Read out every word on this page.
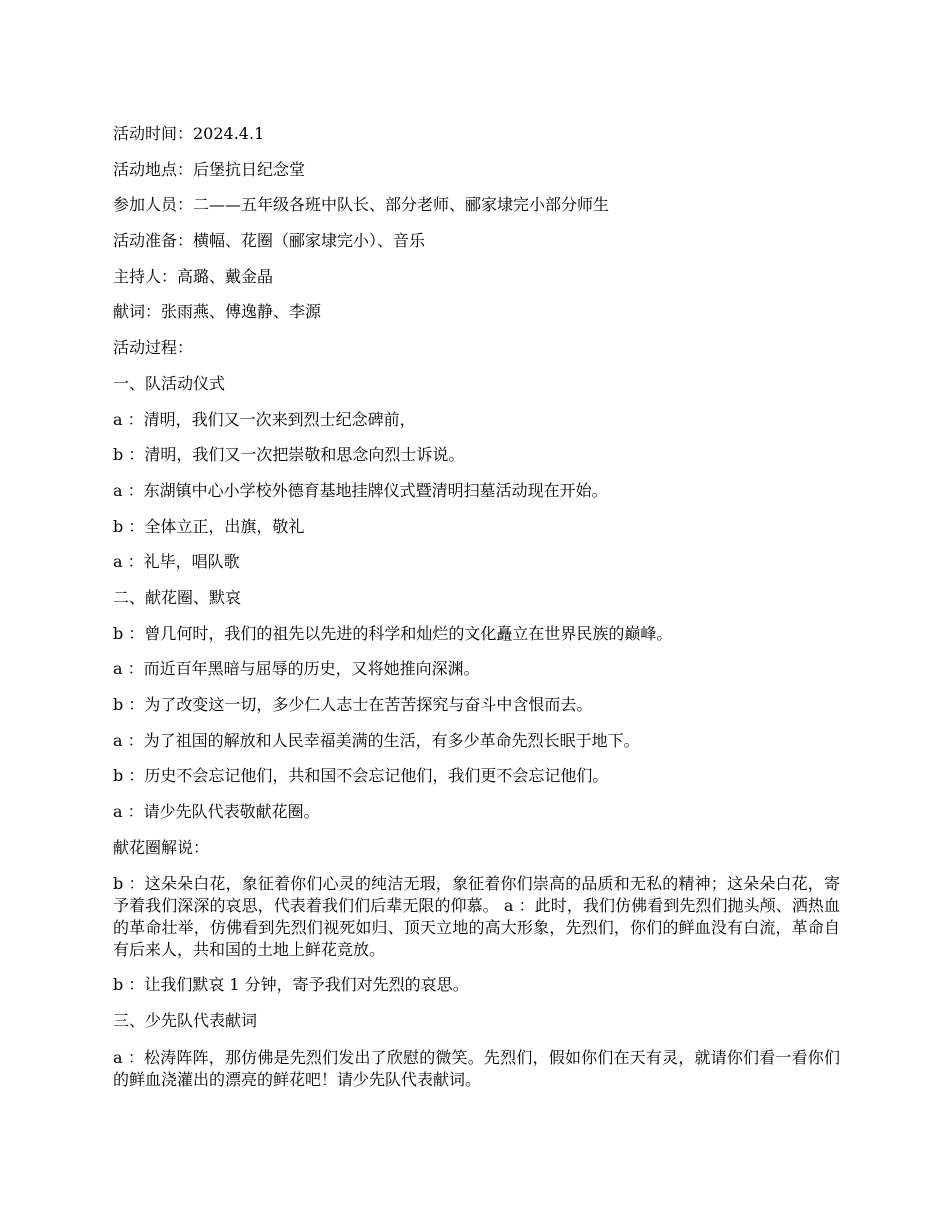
活动时间：2024.4.1
活动地点：后堡抗日纪念堂
参加人员：二——五年级各班中队长、部分老师、郦家埭完小部分师生
活动准备：横幅、花圈（郦家埭完小）、音乐
主持人：高璐、戴金晶
献词：张雨燕、傅逸静、李源
活动过程：
一、队活动仪式
a ：清明，我们又一次来到烈士纪念碑前，
b ：清明，我们又一次把崇敬和思念向烈士诉说。
a ：东湖镇中心小学校外德育基地挂牌仪式暨清明扫墓活动现在开始。
b ：全体立正，出旗，敬礼
a ：礼毕，唱队歌
二、献花圈、默哀
b ：曾几何时，我们的祖先以先进的科学和灿烂的文化矗立在世界民族的巅峰。
a ：而近百年黑暗与屈辱的历史，又将她推向深渊。
b ：为了改变这一切，多少仁人志士在苦苦探究与奋斗中含恨而去。
a ：为了祖国的解放和人民幸福美满的生活，有多少革命先烈长眠于地下。
b ：历史不会忘记他们，共和国不会忘记他们，我们更不会忘记他们。
a ：请少先队代表敬献花圈。
献花圈解说：
b ：这朵朵白花，象征着你们心灵的纯洁无瑕，象征着你们崇高的品质和无私的精神；这朵朵白花，寄予着我们深深的哀思，代表着我们们后辈无限的仰慕。 a ：此时，我们仿佛看到先烈们抛头颅、洒热血的革命壮举，仿佛看到先烈们视死如归、顶天立地的高大形象，先烈们，你们的鲜血没有白流，革命自有后来人，共和国的土地上鲜花竞放。
b ：让我们默哀 1 分钟，寄予我们对先烈的哀思。
三、少先队代表献词
a ：松涛阵阵，那仿佛是先烈们发出了欣慰的微笑。先烈们，假如你们在天有灵，就请你们看一看你们的鲜血浇灌出的漂亮的鲜花吧！请少先队代表献词。
